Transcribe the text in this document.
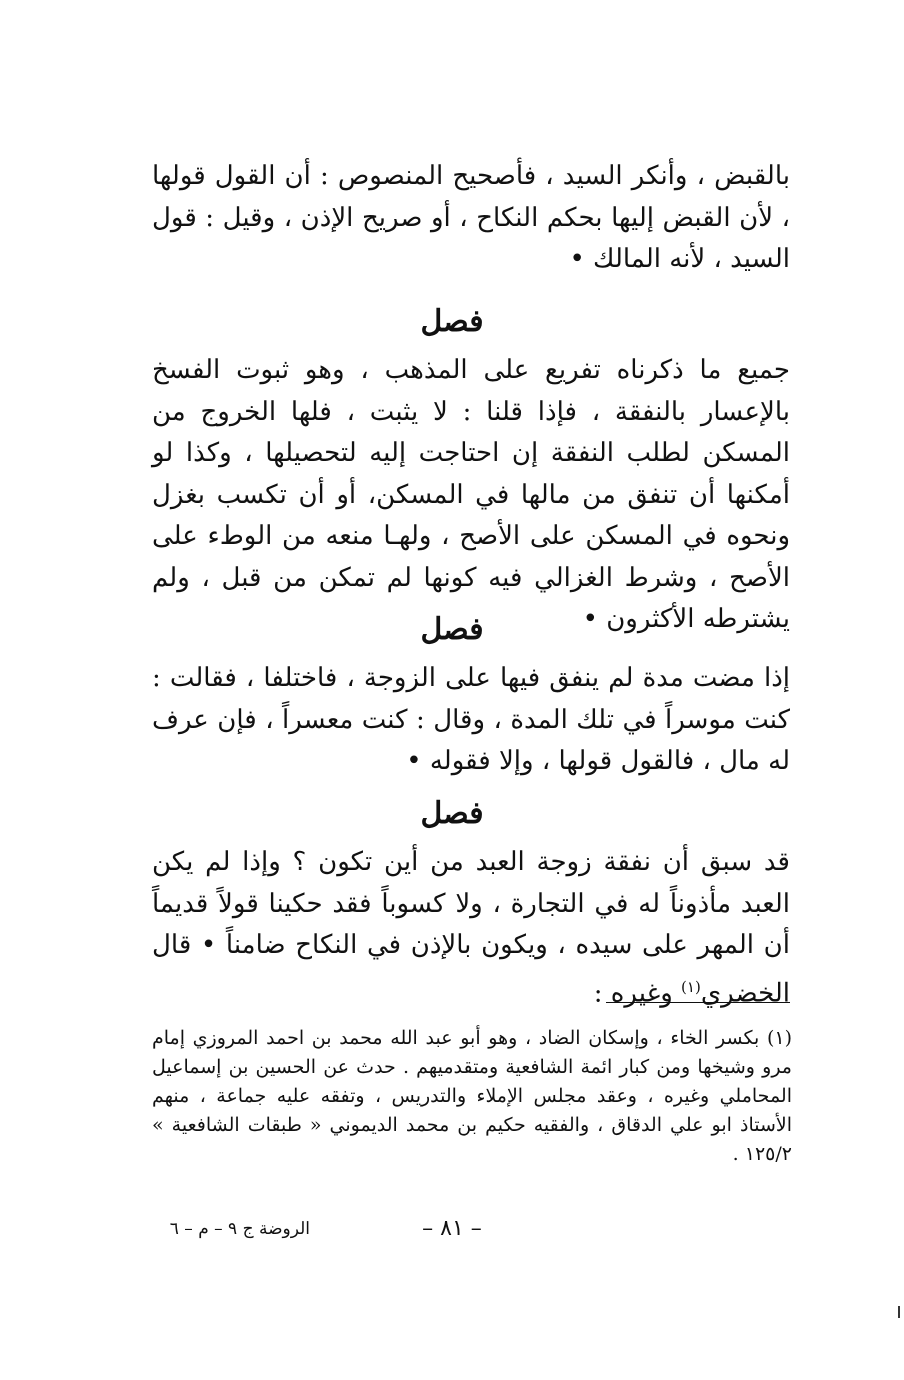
بالقبض ، وأنكر السيد ، فأصحيح المنصوص : أن القول قولها ، لأن القبض إليها بحكم النكاح ، أو صريح الإذن ، وقيل : قول السيد ، لأنه المالك •
فصل
جميع ما ذكرناه تفريع على المذهب ، وهو ثبوت الفسخ بالإعسار بالنفقة ، فإذا قلنا : لا يثبت ، فلها الخروج من المسكن لطلب النفقة إن احتاجت إليه لتحصيلها ، وكذا لو أمكنها أن تنفق من مالها في المسكن، أو أن تكسب بغزل ونحوه في المسكن على الأصح ، ولهـا منعه من الوطء على الأصح ، وشرط الغزالي فيه كونها لم تمكن من قبل ، ولم يشترطه الأكثرون •
فصل
إذا مضت مدة لم ينفق فيها على الزوجة ، فاختلفا ، فقالت : كنت موسراً في تلك المدة ، وقال : كنت معسراً ، فإن عرف له مال ، فالقول قولها ، وإلا فقوله •
فصل
قد سبق أن نفقة زوجة العبد من أين تكون ؟ وإذا لم يكن العبد مأذوناً له في التجارة ، ولا كسوباً فقد حكينا قولاً قديماً أن المهر على سيده ، ويكون بالإذن في النكاح ضامناً • قال الخضري$^{(١)}$ وغيره :
(١) بكسر الخاء ، وإسكان الضاد ، وهو أبو عبد الله محمد بن احمد المروزي إمام مرو وشيخها ومن كبار ائمة الشافعية ومتقدميهم . حدث عن الحسين بن إسماعيل المحاملي وغيره ، وعقد مجلس الإملاء والتدريس ، وتفقه عليه جماعة ، منهم الأستاذ ابو علي الدقاق ، والفقيه حكيم بن محمد الديموني « طبقات الشافعية » ١٢٥/٢ .
– ٨١ –
الروضة ج ٩ – م – ٦
